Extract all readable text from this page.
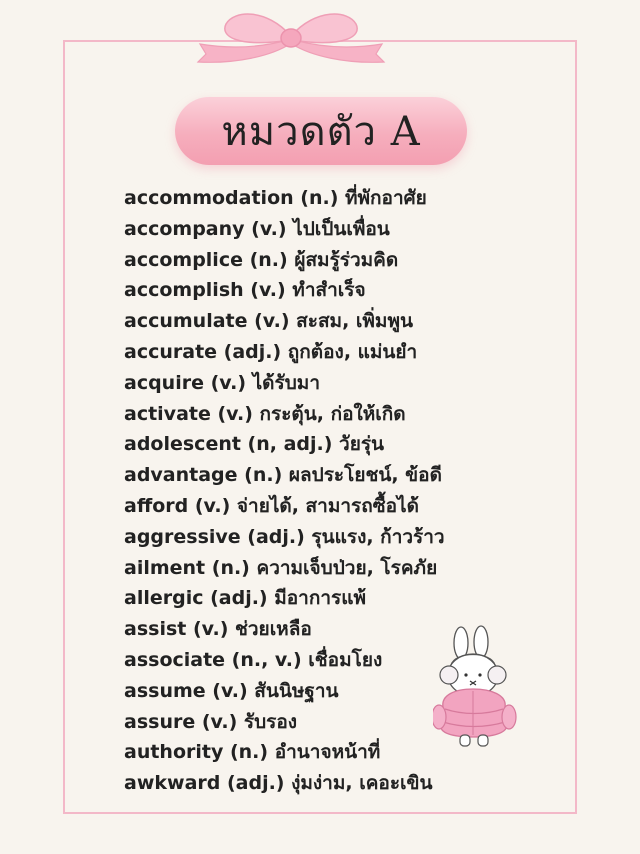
หมวดตัว A
accommodation (n.) ที่พักอาศัย
accompany (v.) ไปเป็นเพื่อน
accomplice (n.) ผู้สมรู้ร่วมคิด
accomplish (v.) ทำสำเร็จ
accumulate (v.) สะสม, เพิ่มพูน
accurate (adj.) ถูกต้อง, แม่นยำ
acquire (v.) ได้รับมา
activate (v.) กระตุ้น, ก่อให้เกิด
adolescent (n, adj.) วัยรุ่น
advantage (n.) ผลประโยชน์, ข้อดี
afford (v.) จ่ายได้, สามารถซื้อได้
aggressive (adj.) รุนแรง, ก้าวร้าว
ailment (n.) ความเจ็บป่วย, โรคภัย
allergic (adj.) มีอาการแพ้
assist (v.) ช่วยเหลือ
associate (n., v.) เชื่อมโยง
assume (v.) สันนิษฐาน
assure (v.) รับรอง
authority (n.) อำนาจหน้าที่
awkward (adj.) งุ่มง่าม, เคอะเขิน
